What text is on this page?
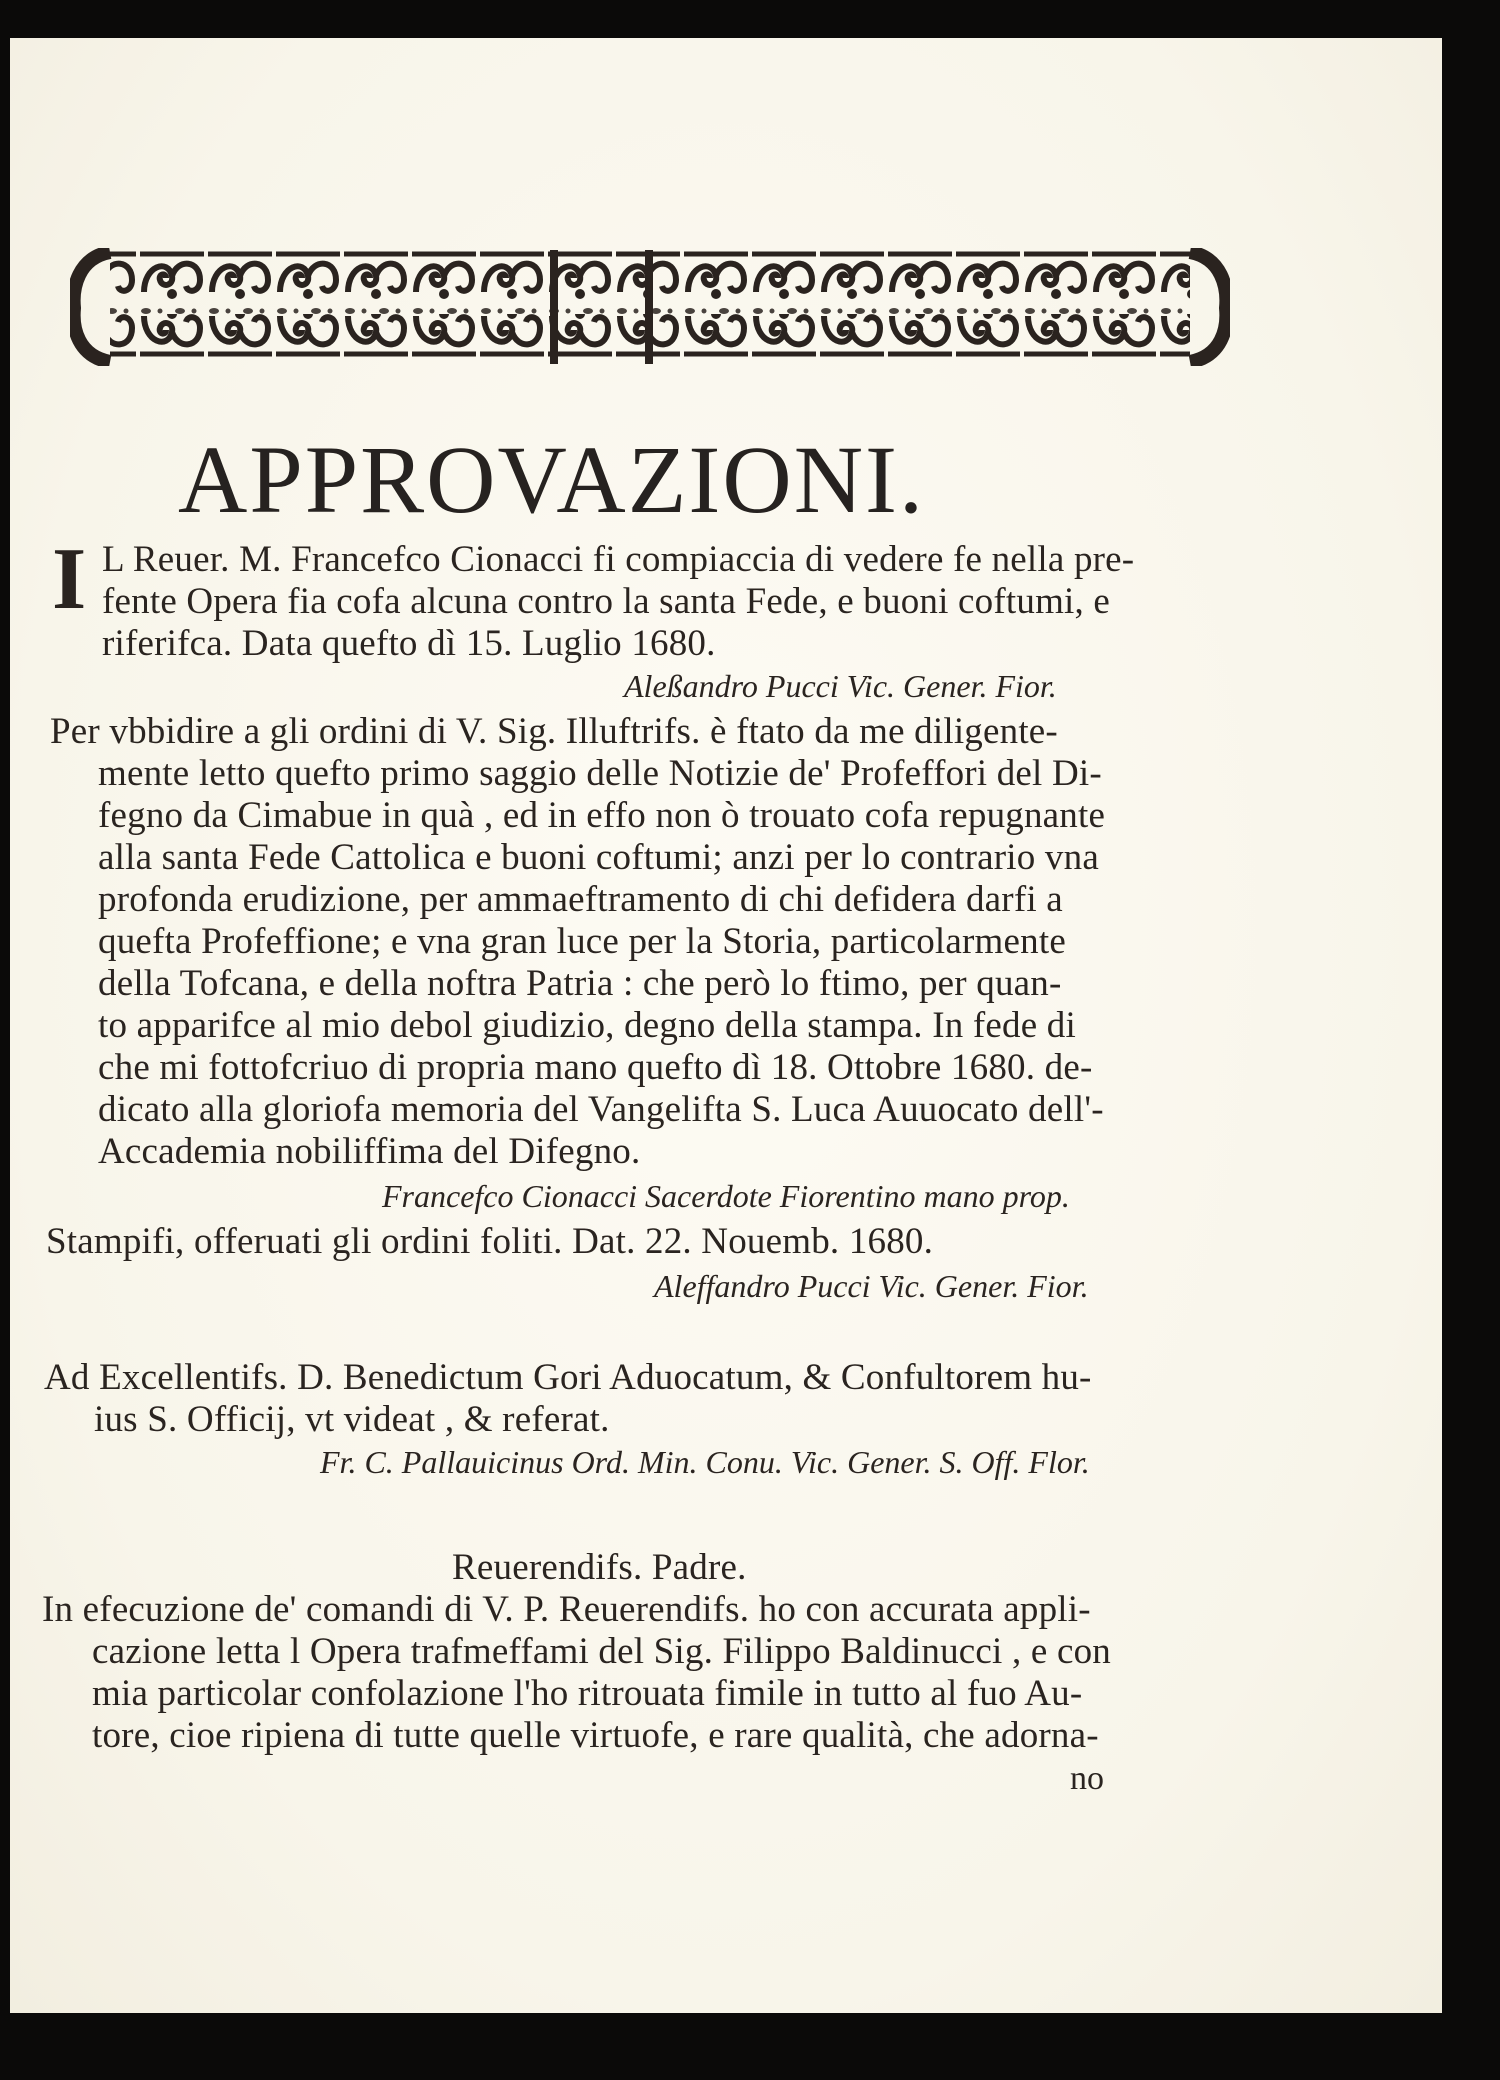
APPROVAZIONI.
I L Reuer. M. Francefco Cionacci fi compiaccia di vedere fe nella pre-
fente Opera fia cofa alcuna contro la santa Fede, e buoni coftumi, e
riferifca. Data quefto dì 15. Luglio 1680.
Aleßandro Pucci Vic. Gener. Fior.
Per vbbidire a gli ordini di V. Sig. Illuftrifs. è ftato da me diligente-
mente letto quefto primo saggio delle Notizie de' Profeffori del Di-
fegno da Cimabue in quà , ed in effo non ò trouato cofa repugnante
alla santa Fede Cattolica e buoni coftumi; anzi per lo contrario vna
profonda erudizione, per ammaeftramento di chi defidera darfi a
quefta Profeffione; e vna gran luce per la Storia, particolarmente
della Tofcana, e della noftra Patria : che però lo ftimo, per quan-
to apparifce al mio debol giudizio, degno della stampa. In fede di
che mi fottofcriuo di propria mano quefto dì 18. Ottobre 1680. de-
dicato alla gloriofa memoria del Vangelifta S. Luca Auuocato dell'-
Accademia nobiliffima del Difegno.
Francefco Cionacci Sacerdote Fiorentino mano prop.
Stampifi, offeruati gli ordini foliti. Dat. 22. Nouemb. 1680.
Aleffandro Pucci Vic. Gener. Fior.
Ad Excellentifs. D. Benedictum Gori Aduocatum, & Confultorem hu-
ius S. Officij, vt videat , & referat.
Fr. C. Pallauicinus Ord. Min. Conu. Vic. Gener. S. Off. Flor.
Reuerendifs. Padre.
In efecuzione de' comandi di V. P. Reuerendifs. ho con accurata appli-
cazione letta l Opera trafmeffami del Sig. Filippo Baldinucci , e con
mia particolar confolazione l'ho ritrouata fimile in tutto al fuo Au-
tore, cioe ripiena di tutte quelle virtuofe, e rare qualità, che adorna-
no
